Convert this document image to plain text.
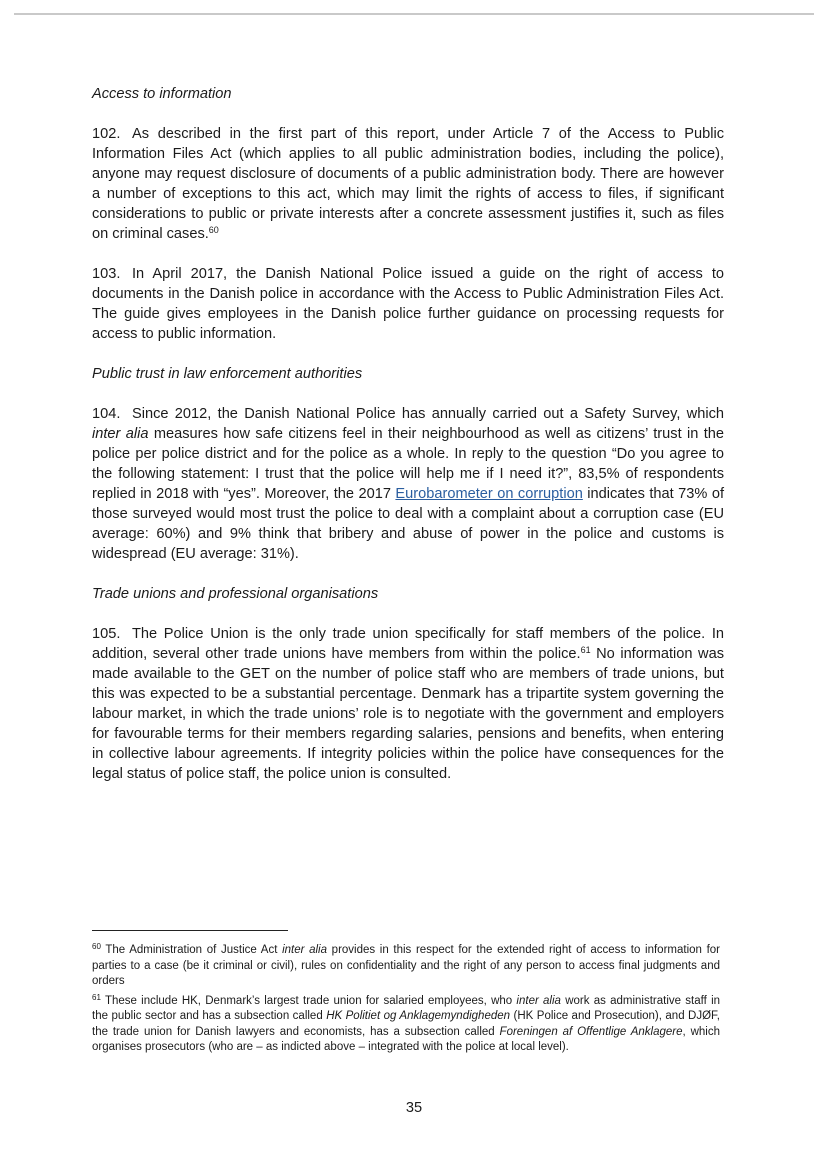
Access to information

102. As described in the first part of this report, under Article 7 of the Access to Public Information Files Act (which applies to all public administration bodies, including the police), anyone may request disclosure of documents of a public administration body. There are however a number of exceptions to this act, which may limit the rights of access to files, if significant considerations to public or private interests after a concrete assessment justifies it, such as files on criminal cases.$^{60}$

103. In April 2017, the Danish National Police issued a guide on the right of access to documents in the Danish police in accordance with the Access to Public Administration Files Act. The guide gives employees in the Danish police further guidance on processing requests for access to public information.

Public trust in law enforcement authorities

104. Since 2012, the Danish National Police has annually carried out a Safety Survey, which inter alia measures how safe citizens feel in their neighbourhood as well as citizens’ trust in the police per police district and for the police as a whole. In reply to the question “Do you agree to the following statement: I trust that the police will help me if I need it?”, 83,5% of respondents replied in 2018 with “yes”. Moreover, the 2017 Eurobarometer on corruption indicates that 73% of those surveyed would most trust the police to deal with a complaint about a corruption case (EU average: 60%) and 9% think that bribery and abuse of power in the police and customs is widespread (EU average: 31%).

Trade unions and professional organisations

105. The Police Union is the only trade union specifically for staff members of the police. In addition, several other trade unions have members from within the police.$^{61}$ No information was made available to the GET on the number of police staff who are members of trade unions, but this was expected to be a substantial percentage. Denmark has a tripartite system governing the labour market, in which the trade unions’ role is to negotiate with the government and employers for favourable terms for their members regarding salaries, pensions and benefits, when entering in collective labour agreements. If integrity policies within the police have consequences for the legal status of police staff, the police union is consulted.

$^{60}$ The Administration of Justice Act inter alia provides in this respect for the extended right of access to information for parties to a case (be it criminal or civil), rules on confidentiality and the right of any person to access final judgments and orders

$^{61}$ These include HK, Denmark’s largest trade union for salaried employees, who inter alia work as administrative staff in the public sector and has a subsection called HK Politiet og Anklagemyndigheden (HK Police and Prosecution), and DJØF, the trade union for Danish lawyers and economists, has a subsection called Foreningen af Offentlige Anklagere, which organises prosecutors (who are – as indicted above – integrated with the police at local level).

35
